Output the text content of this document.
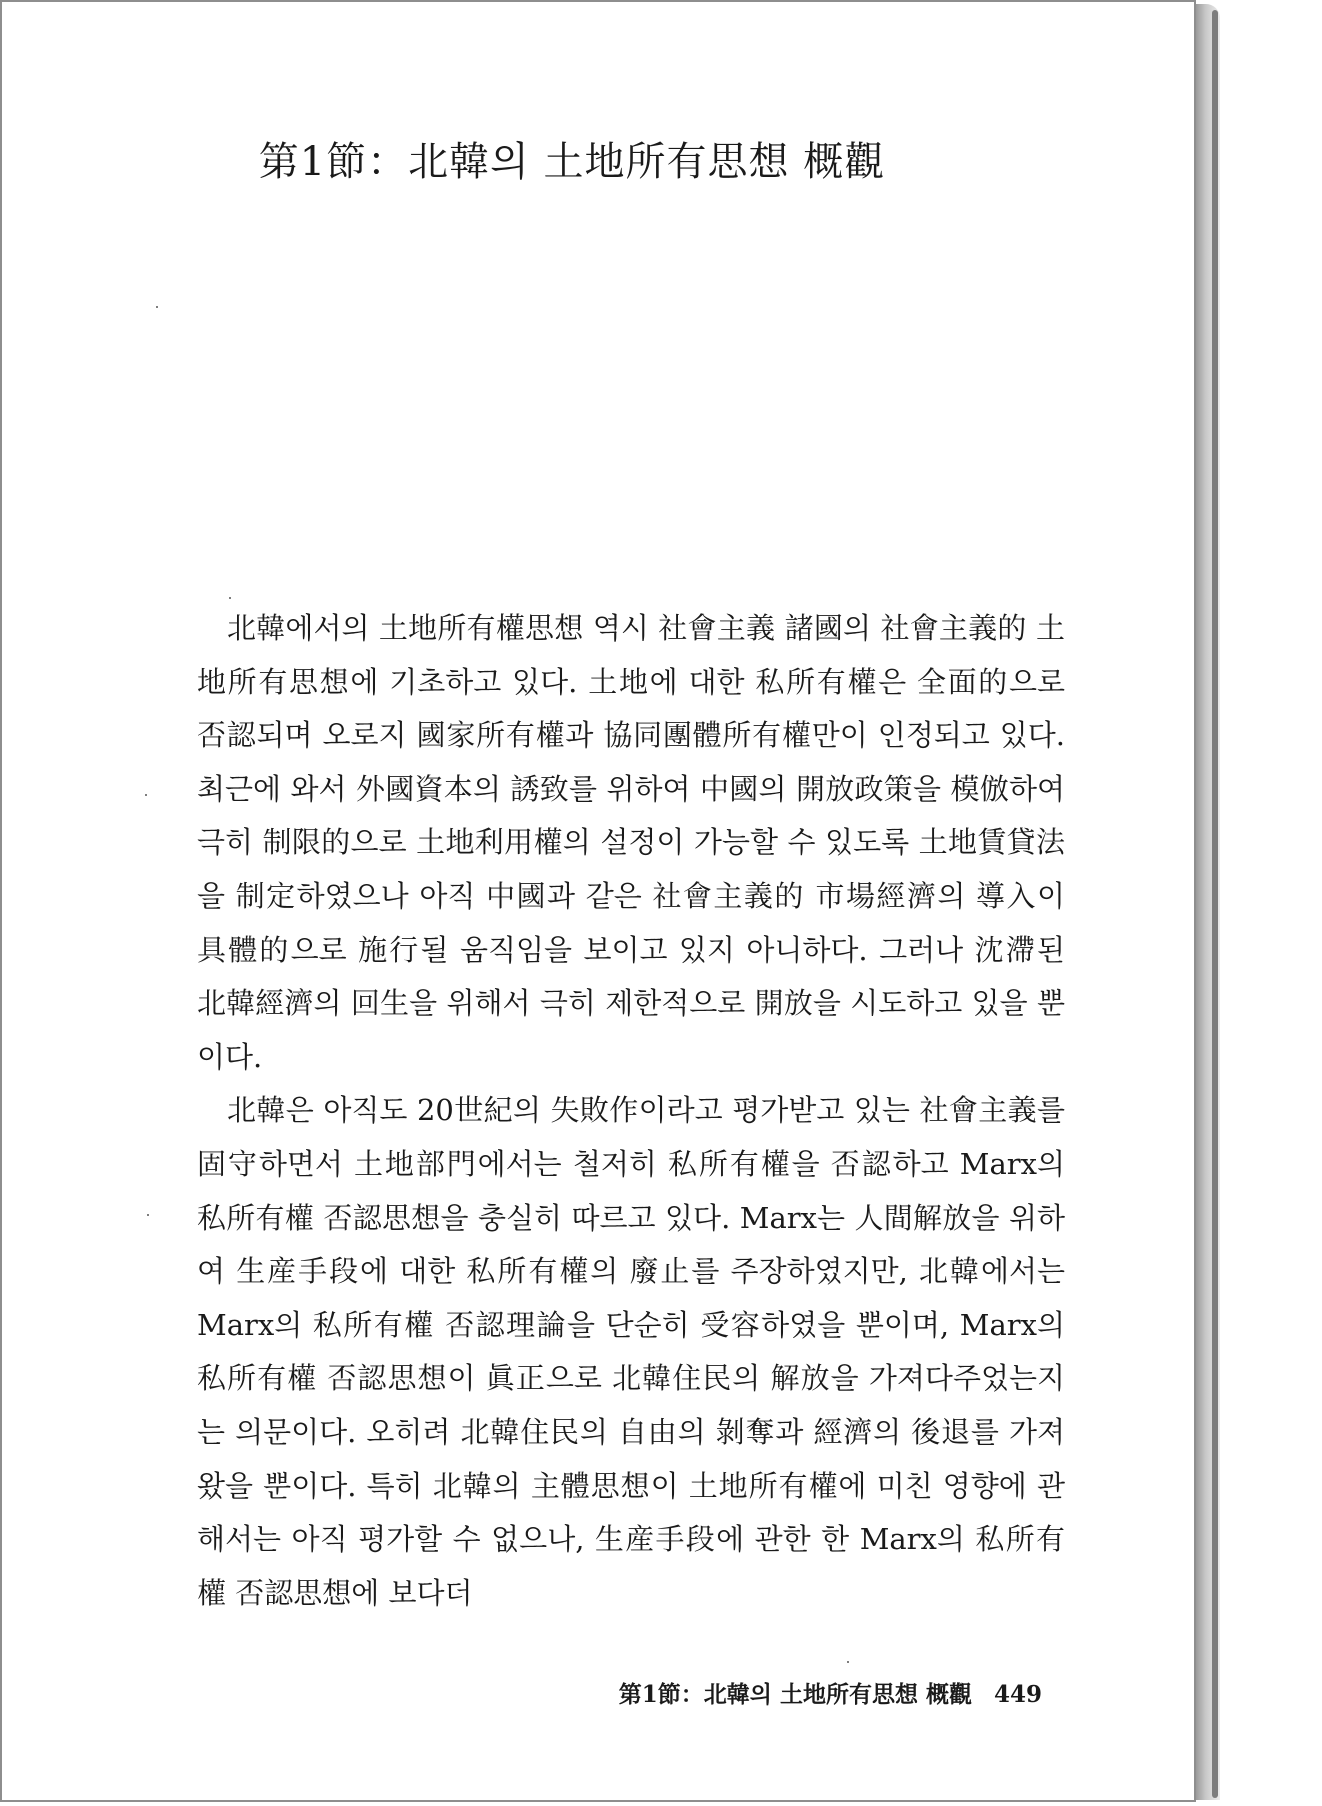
第1節：北韓의 土地所有思想 概觀

北韓에서의 土地所有權思想 역시 社會主義 諸國의 社會主義的 土地所有思想에 기초하고 있다. 土地에 대한 私所有權은 全面的으로 否認되며 오로지 國家所有權과 協同團體所有權만이 인정되고 있다. 최근에 와서 外國資本의 誘致를 위하여 中國의 開放政策을 模倣하여 극히 制限的으로 土地利用權의 설정이 가능할 수 있도록 土地賃貸法을 制定하였으나 아직 中國과 같은 社會主義的 市場經濟의 導入이 具體的으로 施行될 움직임을 보이고 있지 아니하다. 그러나 沈滯된 北韓經濟의 回生을 위해서 극히 제한적으로 開放을 시도하고 있을 뿐이다.

北韓은 아직도 20世紀의 失敗作이라고 평가받고 있는 社會主義를 固守하면서 土地部門에서는 철저히 私所有權을 否認하고 Marx의 私所有權 否認思想을 충실히 따르고 있다. Marx는 人間解放을 위하여 生産手段에 대한 私所有權의 廢止를 주장하였지만, 北韓에서는 Marx의 私所有權 否認理論을 단순히 受容하였을 뿐이며, Marx의 私所有權 否認思想이 眞正으로 北韓住民의 解放을 가져다주었는지는 의문이다. 오히려 北韓住民의 自由의 剝奪과 經濟의 後退를 가져왔을 뿐이다. 특히 北韓의 主體思想이 土地所有權에 미친 영향에 관해서는 아직 평가할 수 없으나, 生産手段에 관한 한 Marx의 私所有權 否認思想에 보다더

第1節：北韓의 土地所有思想 概觀 449
